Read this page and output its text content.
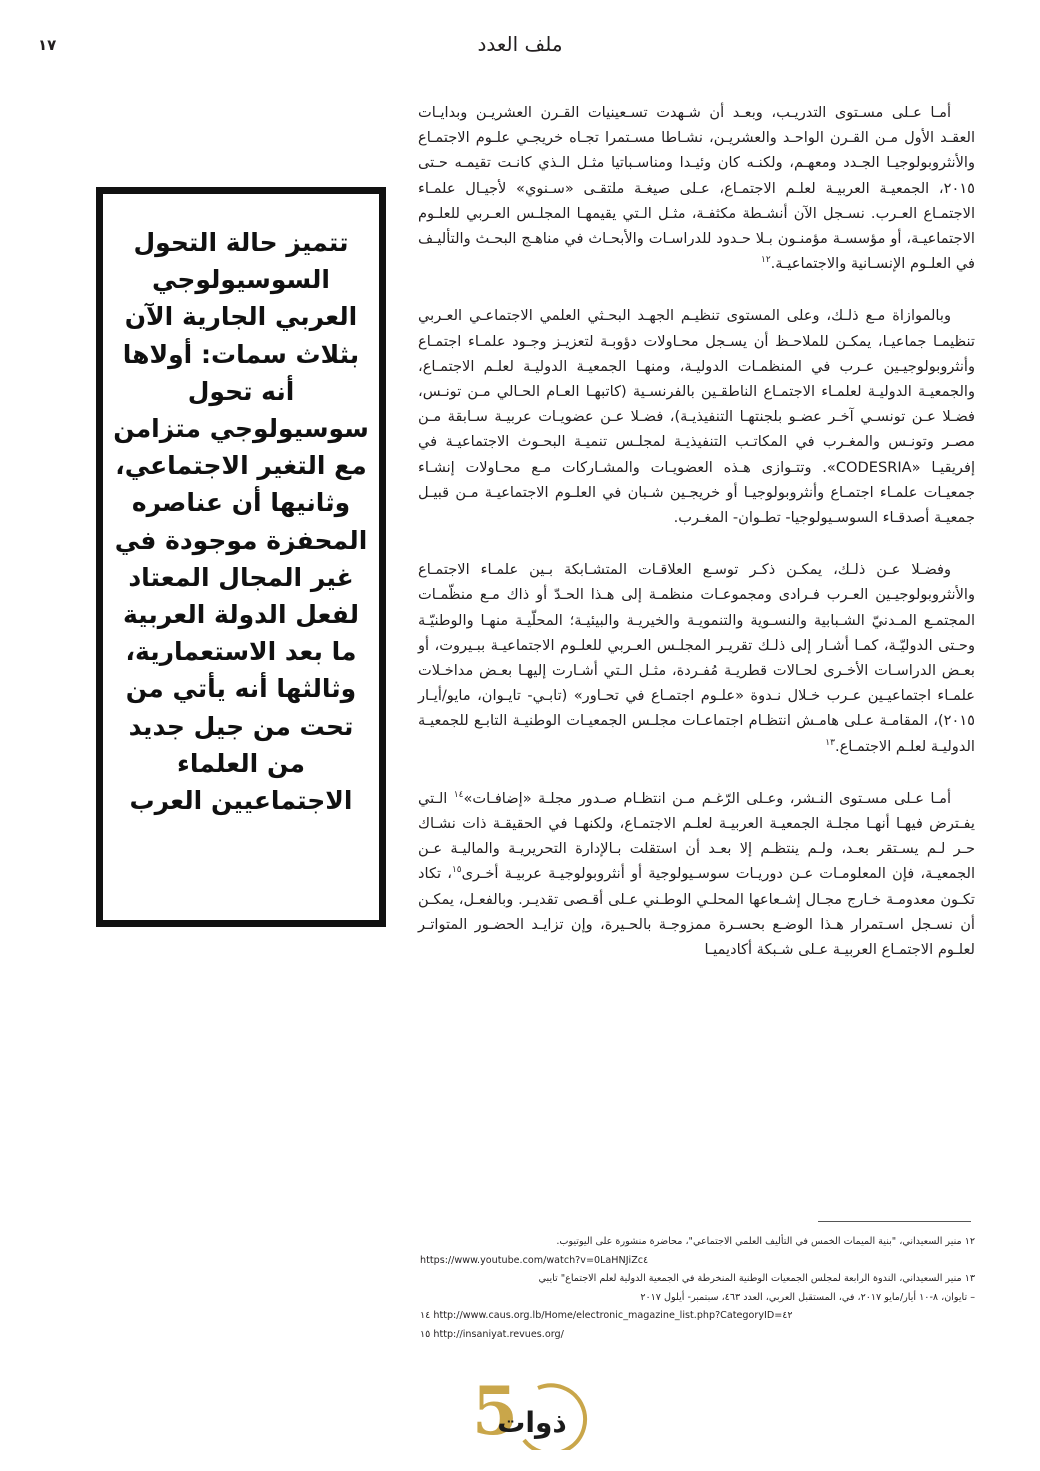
١٧	ملف العدد

أمـا عـلى مسـتوى التدريـب، وبعـد أن شـهدت تسـعينيات القـرن العشريـن وبدايـات العقـد الأول مـن القـرن الواحـد والعشريـن، نشـاطا مسـتمرا تجـاه خريجـي علـوم الاجتمـاع والأنثروبولوجيـا الجـدد ومعهـم، ولكنـه كان وئيـدا ومناسـباتيا مثـل الـذي كانـت تقيمـه حـتى ٢٠١٥، الجمعيـة العربيـة لعلـم الاجتمـاع، عـلى صيغـة ملتقـى «سـنوي» لأجيـال علمـاء الاجتمـاع العـرب. نسـجل الآن أنشـطة مكثفـة، مثـل الـتي يقيمهـا المجلـس العـربي للعلـوم الاجتماعيـة، أو مؤسسـة مؤمنـون بـلا حـدود للدراسـات والأبحـاث في مناهـج البحـث والتأليـف في العلـوم الإنسـانية والاجتماعيـة.$^{١٢}$

وبالموازاة مـع ذلـك، وعلى المستوى تنظيـم الجهـد البحـثي العلمي الاجتماعـي العـربي تنظيمـا جماعيـا، يمكـن للملاحـظ أن يسـجل محـاولات دؤوبـة لتعزيـز وجـود علمـاء اجتمـاع وأنثروبولوجيـين عـرب في المنظمـات الدوليـة، ومنهـا الجمعيـة الدوليـة لعلـم الاجتمـاع، والجمعيـة الدوليـة لعلمـاء الاجتمـاع الناطقـين بالفرنسـية (كاتبهـا العـام الحـالي مـن تونـس، فضـلا عـن تونسـي آخـر عضـو بلجنتهـا التنفيذيـة)، فضـلا عـن عضويـات عربيـة سـابقة مـن مصـر وتونـس والمغـرب في المكاتـب التنفيذيـة لمجلـس تنميـة البحـوث الاجتماعيـة في إفريقيـا «CODESRIA». وتتـوازى هـذه العضويـات والمشـاركات مـع محـاولات إنشـاء جمعيـات علمـاء اجتمـاع وأنثروبولوجيـا أو خريجـين شـبان في العلـوم الاجتماعيـة مـن قبيـل جمعيـة أصدقـاء السوسـيولوجيا- تطـوان- المغـرب.

وفضـلا عـن ذلـك، يمكـن ذكـر توسـع العلاقـات المتشـابكة بـين علمـاء الاجتمـاع والأنثروبولوجيـين العـرب فـرادى ومجموعـات منظمـة إلى هـذا الحـدّ أو ذاك مـع منظّمـات المجتمـع المـدنيّ الشـبابية والنسـوية والتنمويـة والخيريـة والبيئيـة؛ المحلّيـة منهـا والوطنيّـة وحـتى الدوليّـة، كمـا أشـار إلى ذلـك تقريـر المجلـس العـربي للعلـوم الاجتماعيـة ببـيروت، أو بعـض الدراسـات الأخـرى لحـالات قطريـة مُفـردة، مثـل الـتي أشـارت إليهـا بعـض مداخـلات علمـاء اجتماعيـين عـرب خـلال نـدوة «علـوم اجتمـاع في تحـاور» (تابـي- تايـوان، مايو/أيـار ٢٠١٥)، المقامـة عـلى هامـش انتظـام اجتماعـات مجلـس الجمعيـات الوطنيـة التابـع للجمعيـة الدوليـة لعلـم الاجتمـاع.$^{١٣}$

أمـا عـلى مسـتوى النـشر، وعـلى الرّغـم مـن انتظـام صـدور مجلـة «إضافـات»$^{١٤}$ الـتي يفـترض فيهـا أنهـا مجلـة الجمعيـة العربيـة لعلـم الاجتمـاع، ولكنهـا في الحقيقـة ذات نشـاك حـر لـم يسـتقر بعـد، ولـم ينتظـم إلا بعـد أن استقلت بـالإدارة التحريريـة والماليـة عـن الجمعيـة، فإن المعلومـات عـن دوريـات سوسـيولوجية أو أنثروبولوجيـة عربيـة أخـرى$^{١٥}$، تكاد تكـون معدومـة خـارج مجـال إشـعاعها المحلـي الوطـني عـلى أقـصى تقديـر. وبالفعـل، يمكـن أن نسـجل اسـتمرار هـذا الوضـع بحسـرة ممزوجـة بالحـيرة، وإن تزايـد الحضـور المتواتـر لعلـوم الاجتمـاع العربيـة عـلى شـبكة أكاديميـا

تتميز حالة التحول السوسيولوجي العربي الجارية الآن بثلاث سمات: أولاها أنه تحول سوسيولوجي متزامن مع التغير الاجتماعي، وثانيها أن عناصره المحفزة موجودة في غير المجال المعتاد لفعل الدولة العربية ما بعد الاستعمارية، وثالثها أنه يأتي من تحت من جيل جديد من العلماء الاجتماعيين العرب

١٢ منير السعيداني، "بنية الميمات الخمس في التأليف العلمي الاجتماعي"، محاضرة منشورة على اليوتيوب.

https://www.youtube.com/watch?v=0LaHNJiZc٤

١٣ منير السعيداني، الندوة الرابعة لمجلس الجمعيات الوطنية المنخرطة في الجمعية الدولية لعلم الاجتماع" تايبي

– تايوان، ٨-١٠ أيار/مايو ٢٠١٧، في، المستقبل العربي، العدد ٤٦٣، سبتمبر- أيلول ٢٠١٧

١٤ http://www.caus.org.lb/Home/electronic_magazine_list.php?CategoryID=٤٢

١٥ http://insaniyat.revues.org/

5
ذوات
